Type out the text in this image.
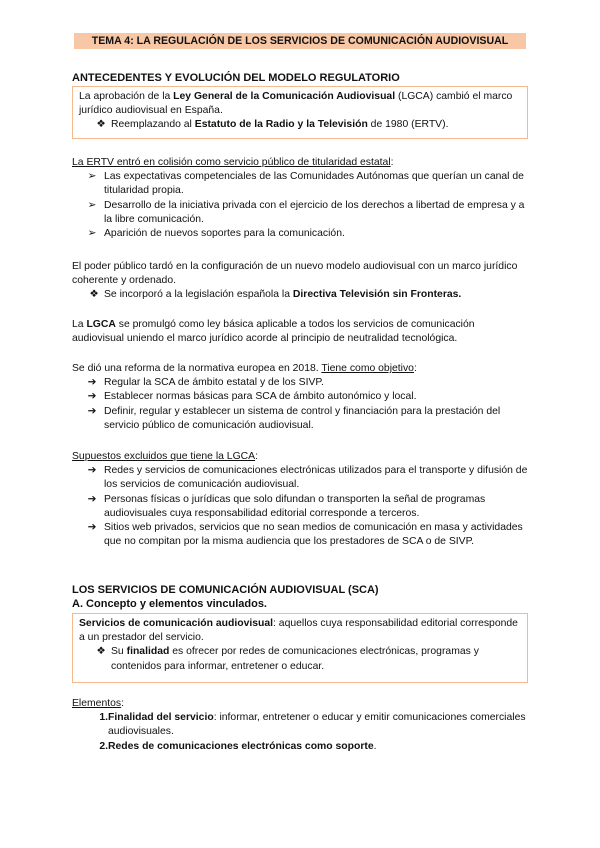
TEMA 4: LA REGULACIÓN DE LOS SERVICIOS DE COMUNICACIÓN AUDIOVISUAL
ANTECEDENTES Y EVOLUCIÓN DEL MODELO REGULATORIO
La aprobación de la Ley General de la Comunicación Audiovisual (LGCA) cambió el marco jurídico audiovisual en España.
❖ Reemplazando al Estatuto de la Radio y la Televisión de 1980 (ERTV).
La ERTV entró en colisión como servicio público de titularidad estatal:
➢ Las expectativas competenciales de las Comunidades Autónomas que querían un canal de titularidad propia.
➢ Desarrollo de la iniciativa privada con el ejercicio de los derechos a libertad de empresa y a la libre comunicación.
➢ Aparición de nuevos soportes para la comunicación.
El poder público tardó en la configuración de un nuevo modelo audiovisual con un marco jurídico coherente y ordenado.
❖ Se incorporó a la legislación española la Directiva Televisión sin Fronteras.
La LGCA se promulgó como ley básica aplicable a todos los servicios de comunicación audiovisual uniendo el marco jurídico acorde al principio de neutralidad tecnológica.
Se dió una reforma de la normativa europea en 2018. Tiene como objetivo:
➔ Regular la SCA de ámbito estatal y de los SIVP.
➔ Establecer normas básicas para SCA de ámbito autonómico y local.
➔ Definir, regular y establecer un sistema de control y financiación para la prestación del servicio público de comunicación audiovisual.
Supuestos excluidos que tiene la LGCA:
➔ Redes y servicios de comunicaciones electrónicas utilizados para el transporte y difusión de los servicios de comunicación audiovisual.
➔ Personas físicas o jurídicas que solo difundan o transporten la señal de programas audiovisuales cuya responsabilidad editorial corresponde a terceros.
➔ Sitios web privados, servicios que no sean medios de comunicación en masa y actividades que no compitan por la misma audiencia que los prestadores de SCA o de SIVP.
LOS SERVICIOS DE COMUNICACIÓN AUDIOVISUAL (SCA)
A. Concepto y elementos vinculados.
Servicios de comunicación audiovisual: aquellos cuya responsabilidad editorial corresponde a un prestador del servicio.
❖ Su finalidad es ofrecer por redes de comunicaciones electrónicas, programas y contenidos para informar, entretener o educar.
Elementos:
1. Finalidad del servicio: informar, entretener o educar y emitir comunicaciones comerciales audiovisuales.
2. Redes de comunicaciones electrónicas como soporte.
